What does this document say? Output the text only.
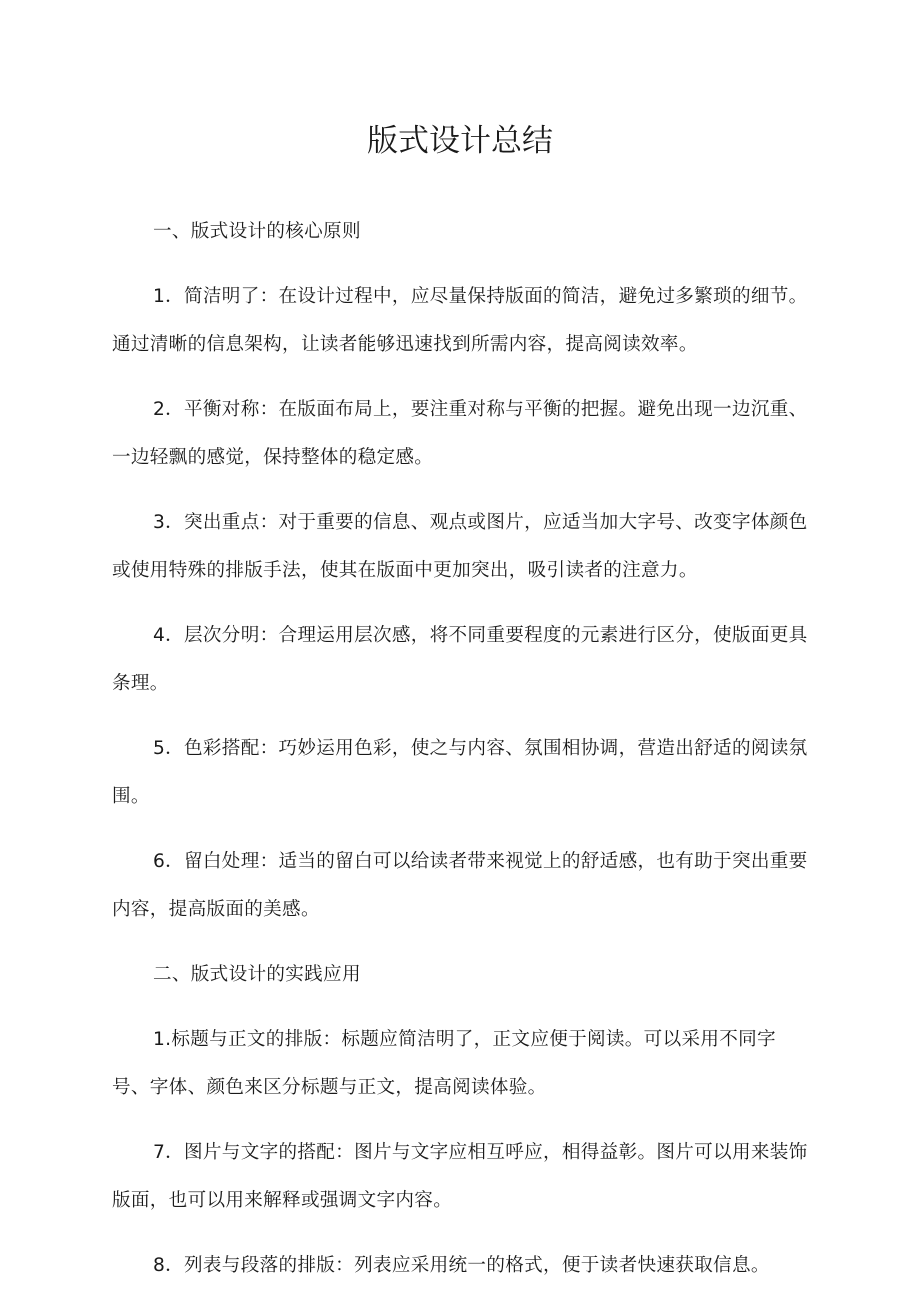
版式设计总结

一、版式设计的核心原则

1．简洁明了：在设计过程中，应尽量保持版面的简洁，避免过多繁琐的细节。通过清晰的信息架构，让读者能够迅速找到所需内容，提高阅读效率。

2．平衡对称：在版面布局上，要注重对称与平衡的把握。避免出现一边沉重、一边轻飘的感觉，保持整体的稳定感。

3．突出重点：对于重要的信息、观点或图片，应适当加大字号、改变字体颜色或使用特殊的排版手法，使其在版面中更加突出，吸引读者的注意力。

4．层次分明：合理运用层次感，将不同重要程度的元素进行区分，使版面更具条理。

5．色彩搭配：巧妙运用色彩，使之与内容、氛围相协调，营造出舒适的阅读氛围。

6．留白处理：适当的留白可以给读者带来视觉上的舒适感，也有助于突出重要内容，提高版面的美感。

二、版式设计的实践应用

1.标题与正文的排版：标题应简洁明了，正文应便于阅读。可以采用不同字号、字体、颜色来区分标题与正文，提高阅读体验。

7．图片与文字的搭配：图片与文字应相互呼应，相得益彰。图片可以用来装饰版面，也可以用来解释或强调文字内容。

8．列表与段落的排版：列表应采用统一的格式，便于读者快速获取信息。
